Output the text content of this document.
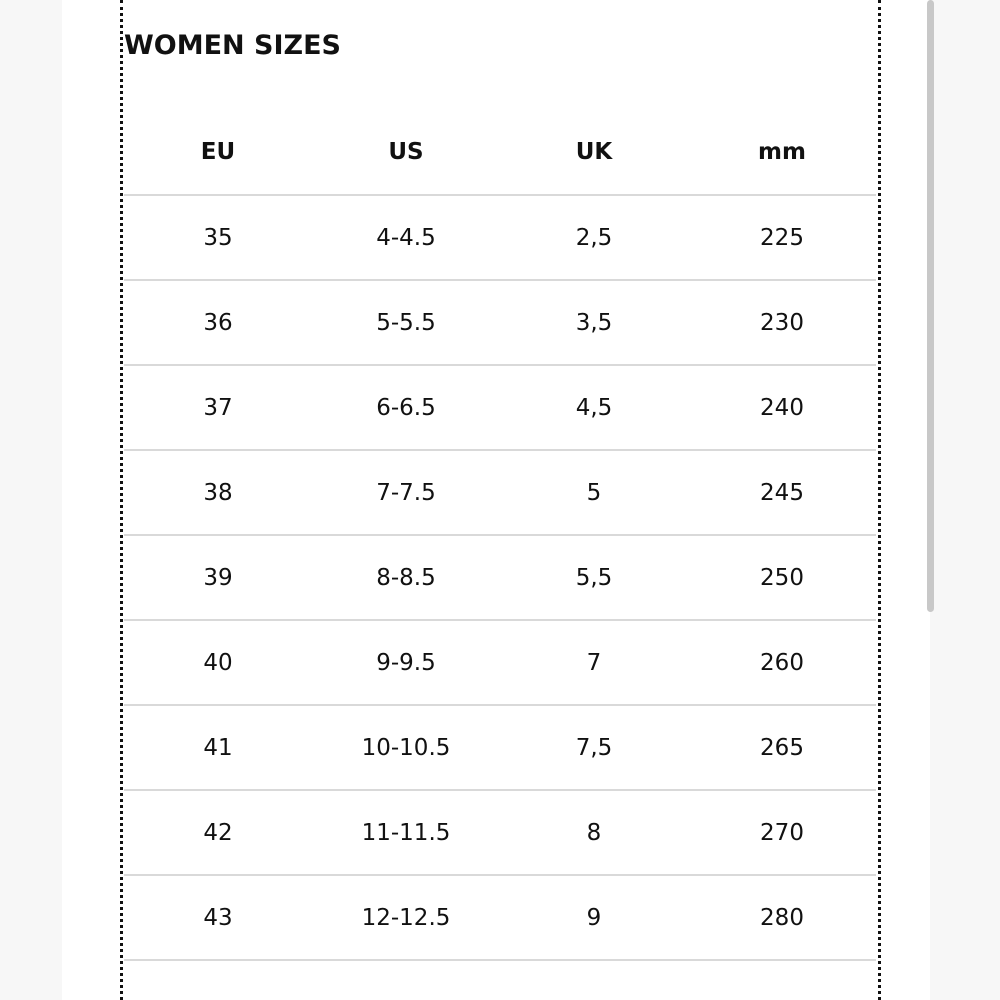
WOMEN SIZES
EU	US	UK	mm
35	4-4.5	2,5	225
36	5-5.5	3,5	230
37	6-6.5	4,5	240
38	7-7.5	5	245
39	8-8.5	5,5	250
40	9-9.5	7	260
41	10-10.5	7,5	265
42	11-11.5	8	270
43	12-12.5	9	280
